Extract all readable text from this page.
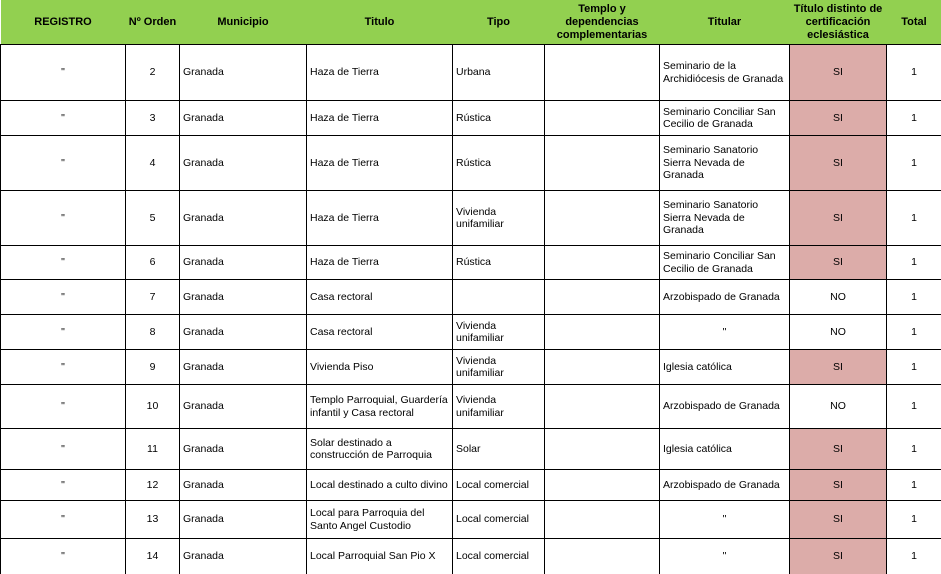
REGISTRO	Nº Orden	Municipio	Titulo	Tipo	Templo y dependencias complementarias	Titular	Título distinto de certificación eclesiástica	Total
"	2	Granada	Haza de Tierra	Urbana		Seminario de la Archidiócesis de Granada	SI	1
"	3	Granada	Haza de Tierra	Rústica		Seminario Conciliar San Cecilio de Granada	SI	1
"	4	Granada	Haza de Tierra	Rústica		Seminario Sanatorio Sierra Nevada de Granada	SI	1
"	5	Granada	Haza de Tierra	Vivienda unifamiliar		Seminario Sanatorio Sierra Nevada de Granada	SI	1
"	6	Granada	Haza de Tierra	Rústica		Seminario Conciliar San Cecilio de Granada	SI	1
"	7	Granada	Casa rectoral			Arzobispado de Granada	NO	1
"	8	Granada	Casa rectoral	Vivienda unifamiliar		"	NO	1
"	9	Granada	Vivienda Piso	Vivienda unifamiliar		Iglesia católica	SI	1
"	10	Granada	Templo Parroquial, Guardería infantil y Casa rectoral	Vivienda unifamiliar		Arzobispado de Granada	NO	1
"	11	Granada	Solar destinado a construcción de Parroquia	Solar		Iglesia católica	SI	1
"	12	Granada	Local destinado a culto divino	Local comercial		Arzobispado de Granada	SI	1
"	13	Granada	Local para Parroquia del Santo Angel Custodio	Local comercial		"	SI	1
"	14	Granada	Local Parroquial San Pio X	Local comercial		"	SI	1
